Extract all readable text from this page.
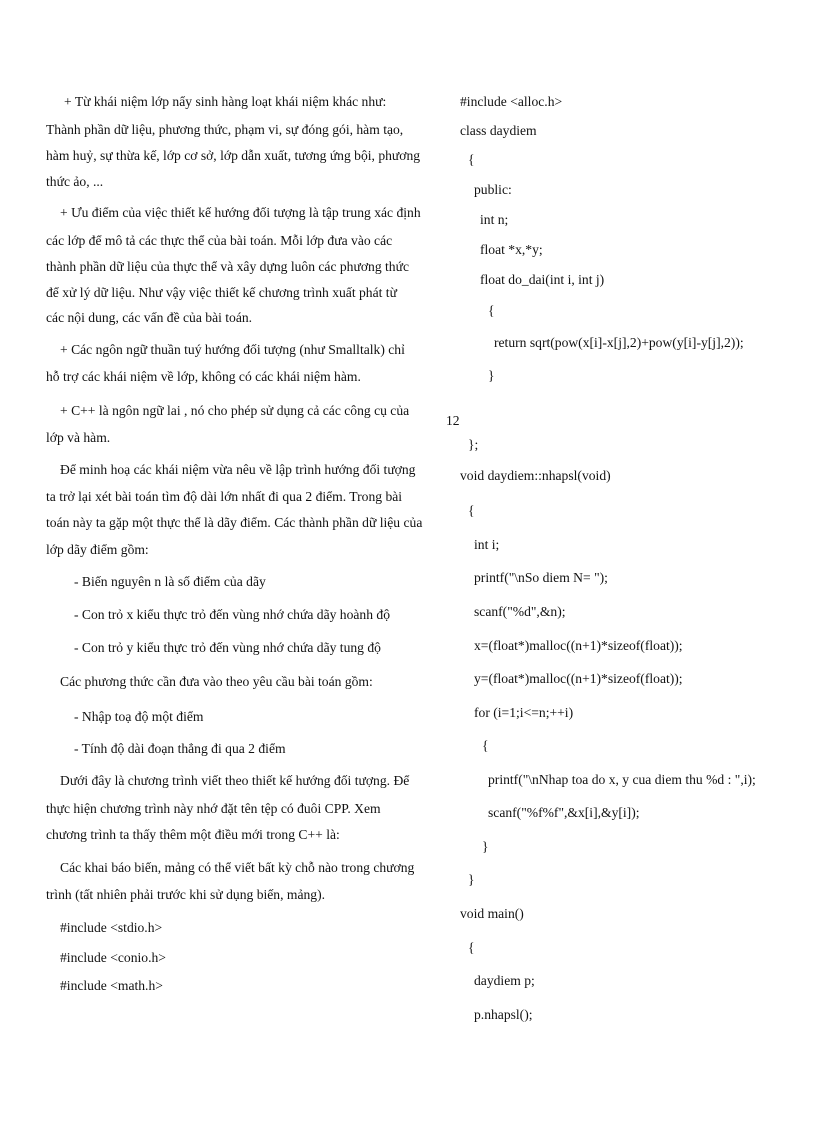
+ Từ khái niệm lớp nẩy sinh hàng loạt khái niệm khác như:
Thành phần dữ liệu, phương thức, phạm vi, sự đóng gói, hàm tạo,
hàm huỷ, sự thừa kế, lớp cơ sở, lớp dẫn xuất, tương ứng bội, phương
thức ảo, ...
+ Ưu điểm của việc thiết kế hướng đối tượng là tập trung xác định
các lớp để mô tả các thực thể của bài toán. Mỗi lớp đưa vào các
thành phần dữ liệu của thực thể và xây dựng luôn các phương thức
để xử lý dữ liệu. Như vậy việc thiết kế chương trình xuất phát từ
các nội dung, các vấn đề của bài toán.
+ Các ngôn ngữ thuần tuý hướng đối tượng (như Smalltalk) chỉ
hỗ trợ các khái niệm về lớp, không có các khái niệm hàm.
+ C++ là ngôn ngữ lai , nó cho phép sử dụng cả các công cụ của
lớp và hàm.
Để minh hoạ các khái niệm vừa nêu về lập trình hướng đối tượng
ta trở lại xét bài toán tìm độ dài lớn nhất đi qua 2 điểm. Trong bài
toán này ta gặp một thực thể là dãy điểm. Các thành phần dữ liệu của
lớp dãy điểm gồm:
- Biến nguyên n là số điểm của dãy
- Con trỏ x kiểu thực trỏ đến vùng nhớ chứa dãy hoành độ
- Con trỏ y kiểu thực trỏ đến vùng nhớ chứa dãy tung độ
Các phương thức cần đưa vào theo yêu cầu bài toán gồm:
- Nhập toạ độ một điểm
- Tính độ dài đoạn thẳng đi qua 2 điểm
Dưới đây là chương trình viết theo thiết kế hướng đối tượng. Để
thực hiện chương trình này nhớ đặt tên tệp có đuôi CPP. Xem
chương trình ta thấy thêm một điều mới trong C++ là:
Các khai báo biến, mảng có thể viết bất kỳ chỗ nào trong chương
trình (tất nhiên phải trước khi sử dụng biến, mảng).
#include <stdio.h>
#include <conio.h>
#include <math.h>
12
#include <alloc.h>
class daydiem
{
public:
int n;
float *x,*y;
float do_dai(int i, int j)
{
return sqrt(pow(x[i]-x[j],2)+pow(y[i]-y[j],2));
}
};
void daydiem::nhapsl(void)
{
int i;
printf("\nSo diem N= ");
scanf("%d",&n);
x=(float*)malloc((n+1)*sizeof(float));
y=(float*)malloc((n+1)*sizeof(float));
for (i=1;i<=n;++i)
{
printf("\nNhap toa do x, y cua diem thu %d : ",i);
scanf("%f%f",&x[i],&y[i]);
}
}
void main()
{
daydiem p;
p.nhapsl();
